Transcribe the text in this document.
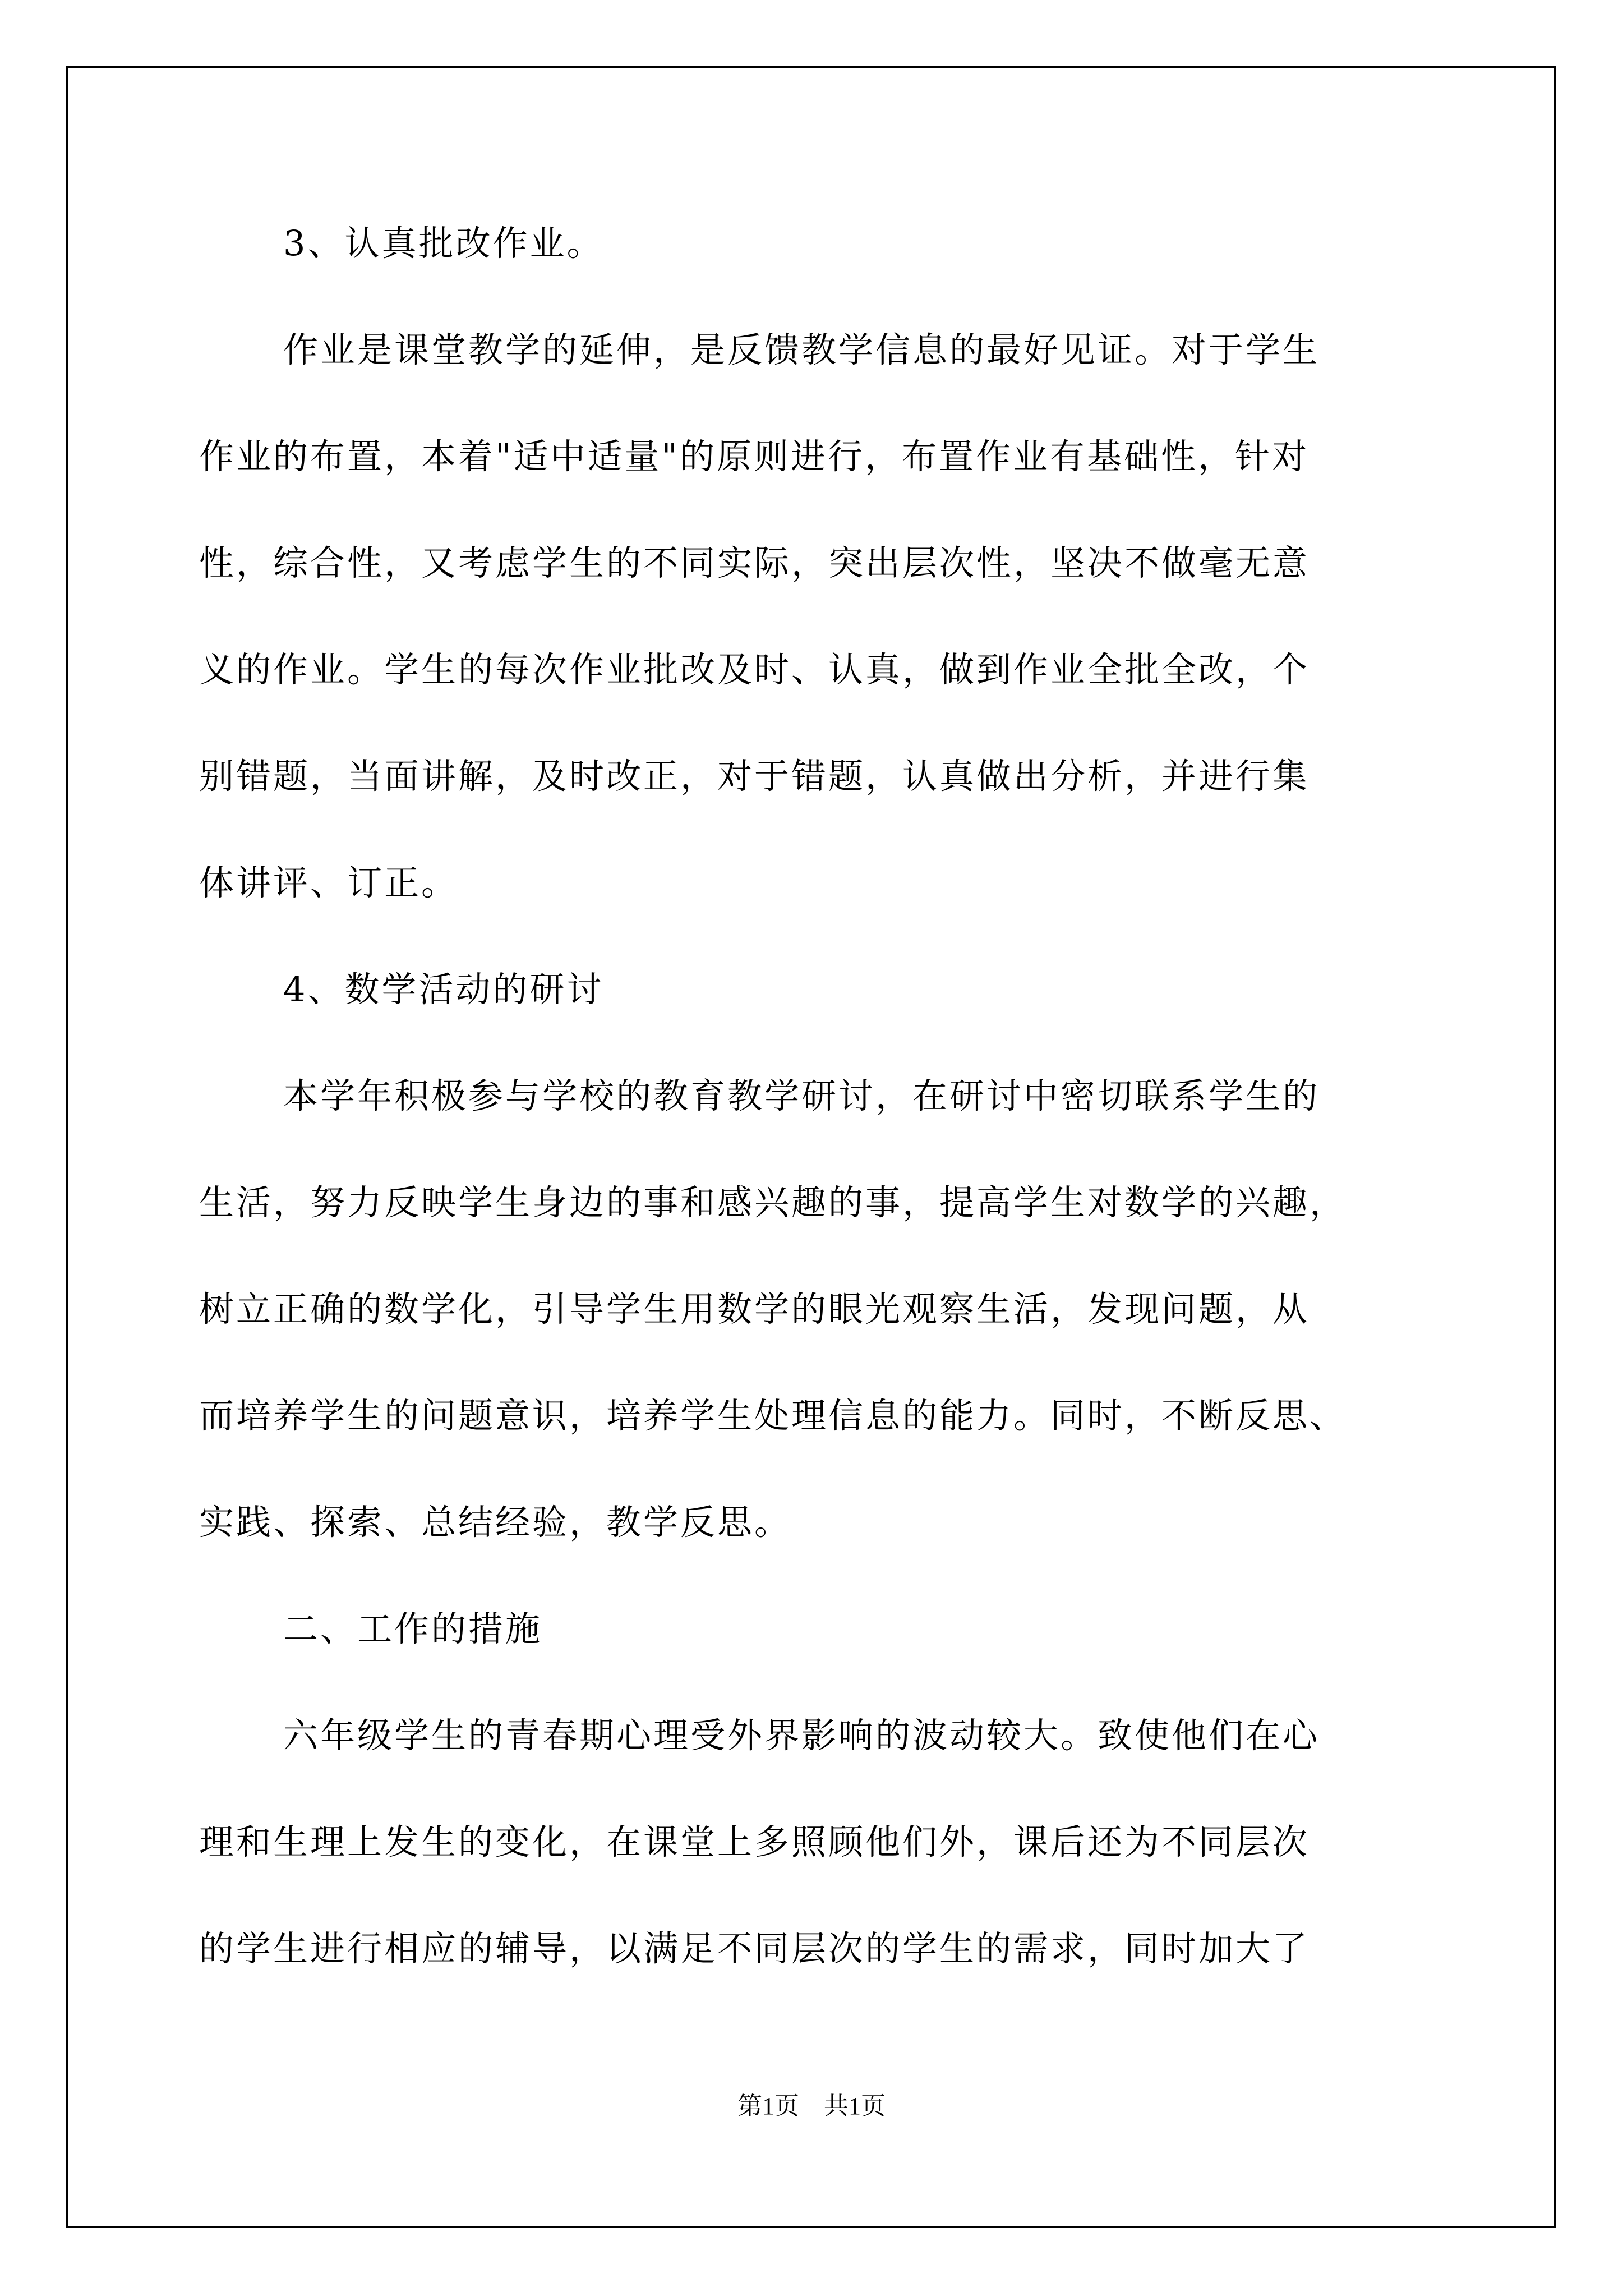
3、认真批改作业。
作业是课堂教学的延伸，是反馈教学信息的最好见证。对于学生
作业的布置，本着"适中适量"的原则进行，布置作业有基础性，针对
性，综合性，又考虑学生的不同实际，突出层次性，坚决不做毫无意
义的作业。学生的每次作业批改及时、认真，做到作业全批全改，个
别错题，当面讲解，及时改正，对于错题，认真做出分析，并进行集
体讲评、订正。
4、数学活动的研讨
本学年积极参与学校的教育教学研讨，在研讨中密切联系学生的
生活，努力反映学生身边的事和感兴趣的事，提高学生对数学的兴趣，
树立正确的数学化，引导学生用数学的眼光观察生活，发现问题，从
而培养学生的问题意识，培养学生处理信息的能力。同时，不断反思、
实践、探索、总结经验，教学反思。
二、工作的措施
六年级学生的青春期心理受外界影响的波动较大。致使他们在心
理和生理上发生的变化，在课堂上多照顾他们外，课后还为不同层次
的学生进行相应的辅导，以满足不同层次的学生的需求，同时加大了
第1页　共1页
